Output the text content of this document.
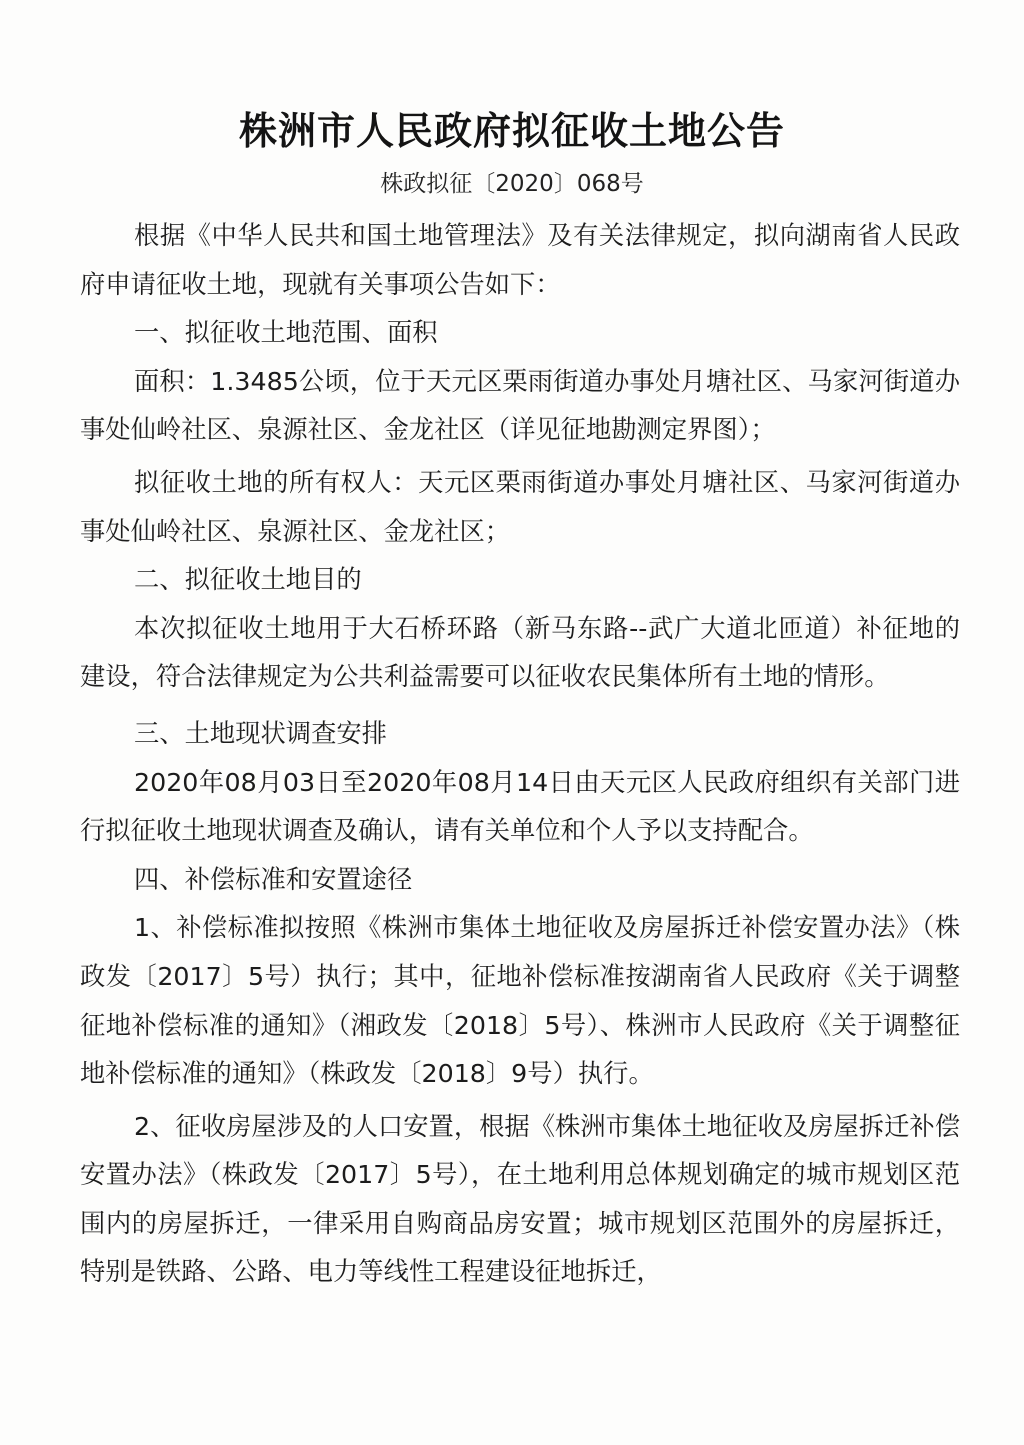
株洲市人民政府拟征收土地公告
株政拟征〔2020〕068号

根据《中华人民共和国土地管理法》及有关法律规定，拟向湖南省人民政府申请征收土地，现就有关事项公告如下：

一、拟征收土地范围、面积

面积：1.3485公顷，位于天元区栗雨街道办事处月塘社区、马家河街道办事处仙岭社区、泉源社区、金龙社区（详见征地勘测定界图）；

拟征收土地的所有权人：天元区栗雨街道办事处月塘社区、马家河街道办事处仙岭社区、泉源社区、金龙社区；

二、拟征收土地目的

本次拟征收土地用于大石桥环路（新马东路--武广大道北匝道）补征地的建设，符合法律规定为公共利益需要可以征收农民集体所有土地的情形。

三、土地现状调查安排

2020年08月03日至2020年08月14日由天元区人民政府组织有关部门进行拟征收土地现状调查及确认，请有关单位和个人予以支持配合。

四、补偿标准和安置途径

1、补偿标准拟按照《株洲市集体土地征收及房屋拆迁补偿安置办法》（株政发〔2017〕5号）执行；其中，征地补偿标准按湖南省人民政府《关于调整征地补偿标准的通知》（湘政发〔2018〕5号）、株洲市人民政府《关于调整征地补偿标准的通知》（株政发〔2018〕9号）执行。

2、征收房屋涉及的人口安置，根据《株洲市集体土地征收及房屋拆迁补偿安置办法》（株政发〔2017〕5号），在土地利用总体规划确定的城市规划区范围内的房屋拆迁，一律采用自购商品房安置；城市规划区范围外的房屋拆迁，特别是铁路、公路、电力等线性工程建设征地拆迁，
